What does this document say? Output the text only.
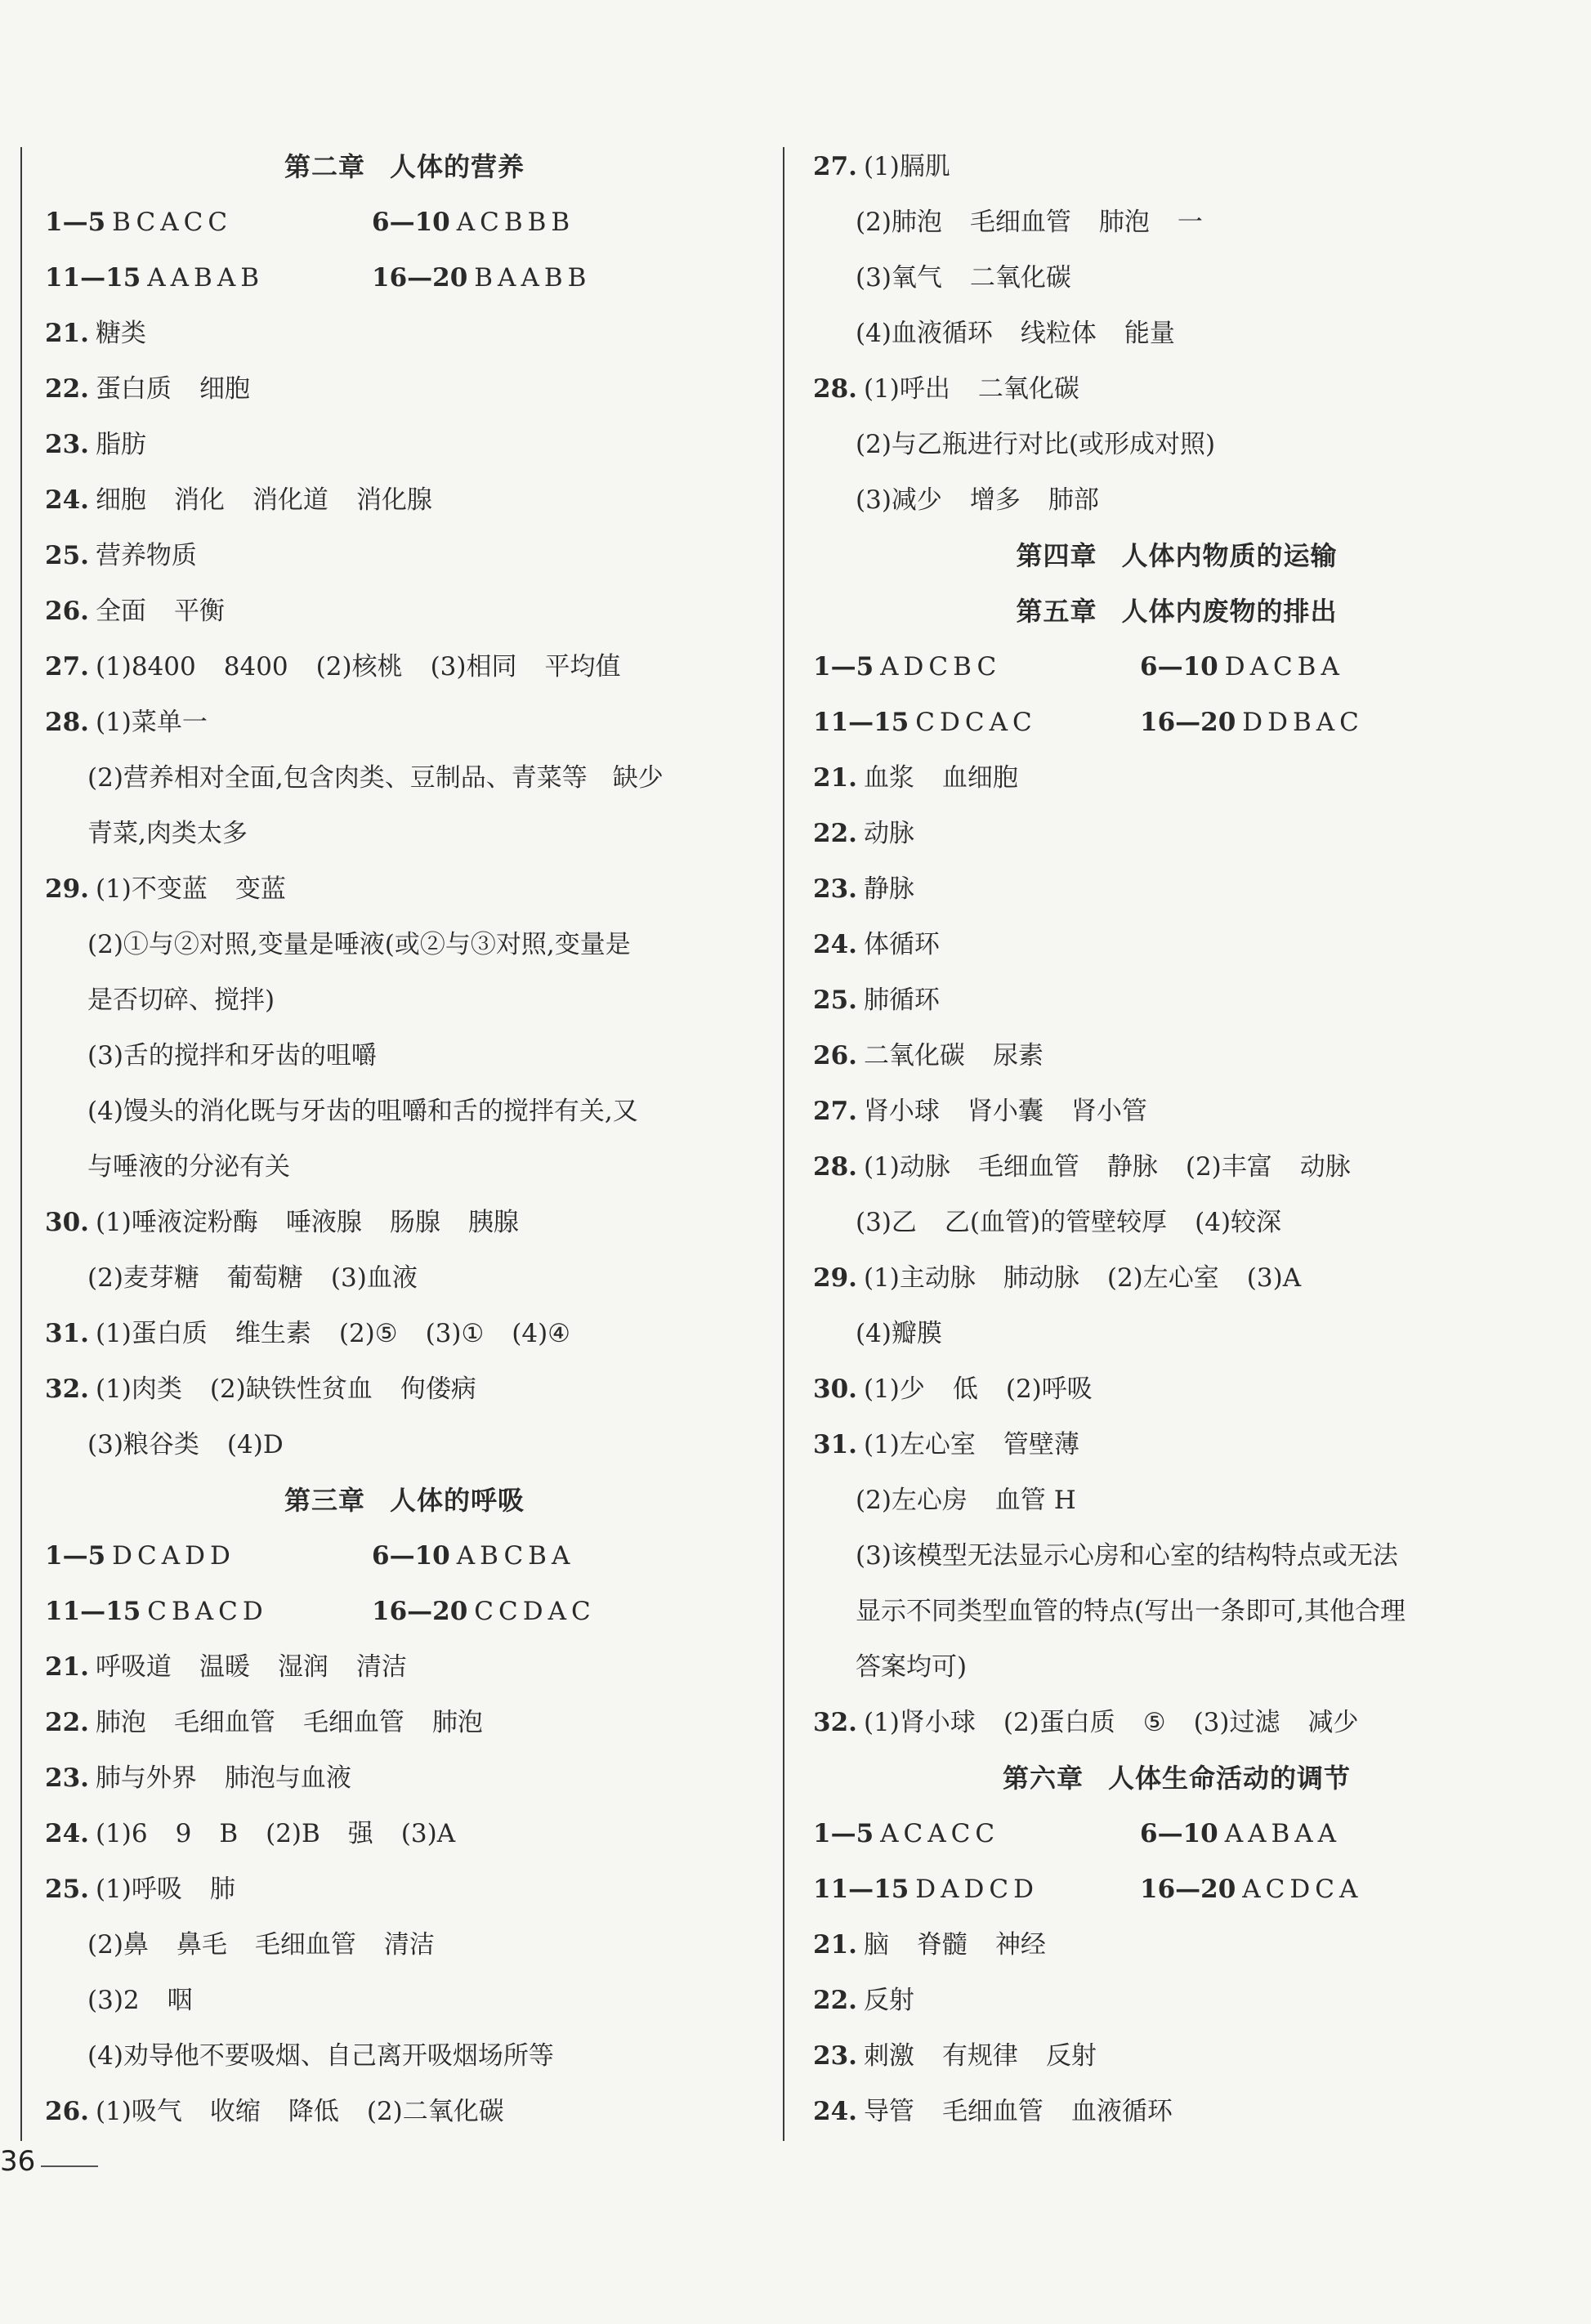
第二章 人体的营养
1—5 BCACC	6—10 ACBBB
11—15 AABAB	16—20 BAABB
21. 糖类
22. 蛋白质 细胞
23. 脂肪
24. 细胞 消化 消化道 消化腺
25. 营养物质
26. 全面 平衡
27. (1)8400 8400 (2)核桃 (3)相同 平均值
28. (1)菜单一
(2)营养相对全面,包含肉类、豆制品、青菜等　缺少
青菜,肉类太多
29. (1)不变蓝 变蓝
(2)①与②对照,变量是唾液(或②与③对照,变量是
是否切碎、搅拌)
(3)舌的搅拌和牙齿的咀嚼
(4)馒头的消化既与牙齿的咀嚼和舌的搅拌有关,又
与唾液的分泌有关
30. (1)唾液淀粉酶 唾液腺 肠腺 胰腺
(2)麦芽糖 葡萄糖 (3)血液
31. (1)蛋白质 维生素 (2)⑤ (3)① (4)④
32. (1)肉类 (2)缺铁性贫血 佝偻病
(3)粮谷类 (4)D
第三章 人体的呼吸
1—5 DCADD	6—10 ABCBA
11—15 CBACD	16—20 CCDAC
21. 呼吸道 温暖 湿润 清洁
22. 肺泡 毛细血管 毛细血管 肺泡
23. 肺与外界 肺泡与血液
24. (1)6 9 B (2)B 强 (3)A
25. (1)呼吸 肺
(2)鼻 鼻毛 毛细血管 清洁
(3)2 咽
(4)劝导他不要吸烟、自己离开吸烟场所等
26. (1)吸气 收缩 降低 (2)二氧化碳
27. (1)膈肌
(2)肺泡 毛细血管 肺泡 一
(3)氧气 二氧化碳
(4)血液循环 线粒体 能量
28. (1)呼出 二氧化碳
(2)与乙瓶进行对比(或形成对照)
(3)减少 增多 肺部
第四章 人体内物质的运输
第五章 人体内废物的排出
1—5 ADCBC	6—10 DACBA
11—15 CDCAC	16—20 DDBAC
21. 血浆 血细胞
22. 动脉
23. 静脉
24. 体循环
25. 肺循环
26. 二氧化碳 尿素
27. 肾小球 肾小囊 肾小管
28. (1)动脉 毛细血管 静脉 (2)丰富 动脉
(3)乙 乙(血管)的管壁较厚 (4)较深
29. (1)主动脉 肺动脉 (2)左心室 (3)A
(4)瓣膜
30. (1)少 低 (2)呼吸
31. (1)左心室 管壁薄
(2)左心房 血管 H
(3)该模型无法显示心房和心室的结构特点或无法
显示不同类型血管的特点(写出一条即可,其他合理
答案均可)
32. (1)肾小球 (2)蛋白质 ⑤ (3)过滤 减少
第六章 人体生命活动的调节
1—5 ACACC	6—10 AABAA
11—15 DADCD	16—20 ACDCA
21. 脑 脊髓 神经
22. 反射
23. 刺激 有规律 反射
24. 导管 毛细血管 血液循环
36
